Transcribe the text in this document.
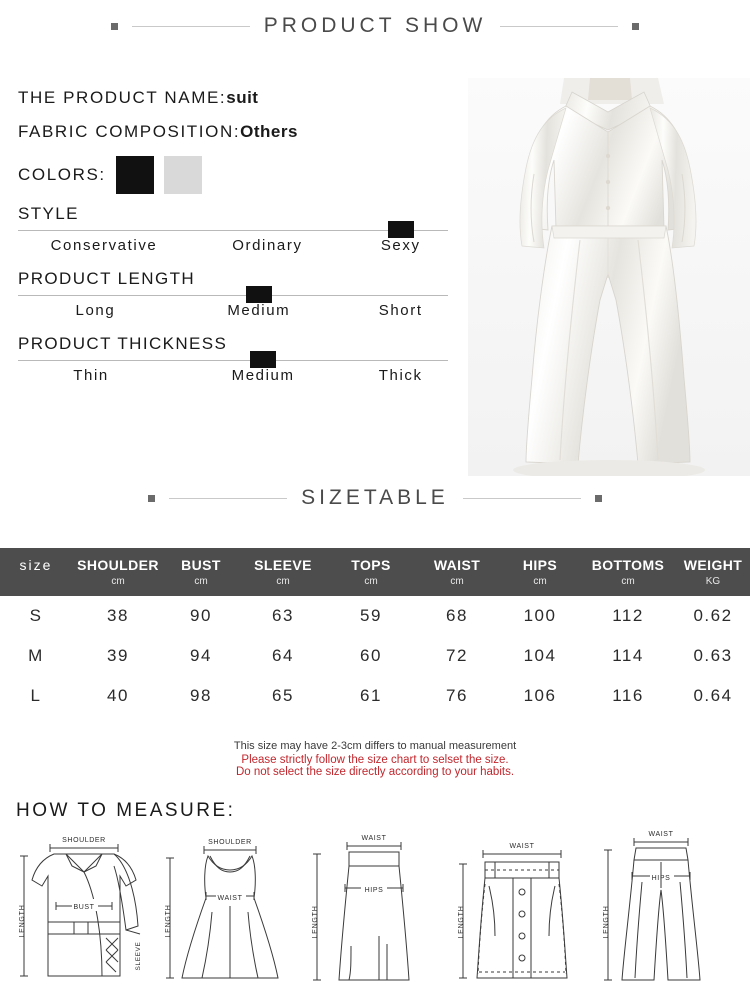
PRODUCT SHOW
THE PRODUCT NAME: suit
FABRIC COMPOSITION: Others
COLORS:
STYLE
Conservative	Ordinary	Sexy
PRODUCT LENGTH
Long	Medium	Short
PRODUCT THICKNESS
Thin	Medium	Thick
SIZETABLE
size	SHOULDER	BUST	SLEEVE	TOPS	WAIST	HIPS	BOTTOMS	WEIGHT
	cm	cm	cm	cm	cm	cm	cm	KG
S	38	90	63	59	68	100	112	0.62
M	39	94	64	60	72	104	114	0.63
L	40	98	65	61	76	106	116	0.64
This size may have 2-3cm differs to manual measurement
Please strictly follow the size chart to selset the size.
Do not select the size directly according to your habits.
HOW TO MEASURE:
SHOULDER
BUST
LENGTH
SLEEVE
SHOULDER
WAIST
LENGTH
WAIST
HIPS
LENGTH
WAIST
LENGTH
WAIST
HIPS
LENGTH
